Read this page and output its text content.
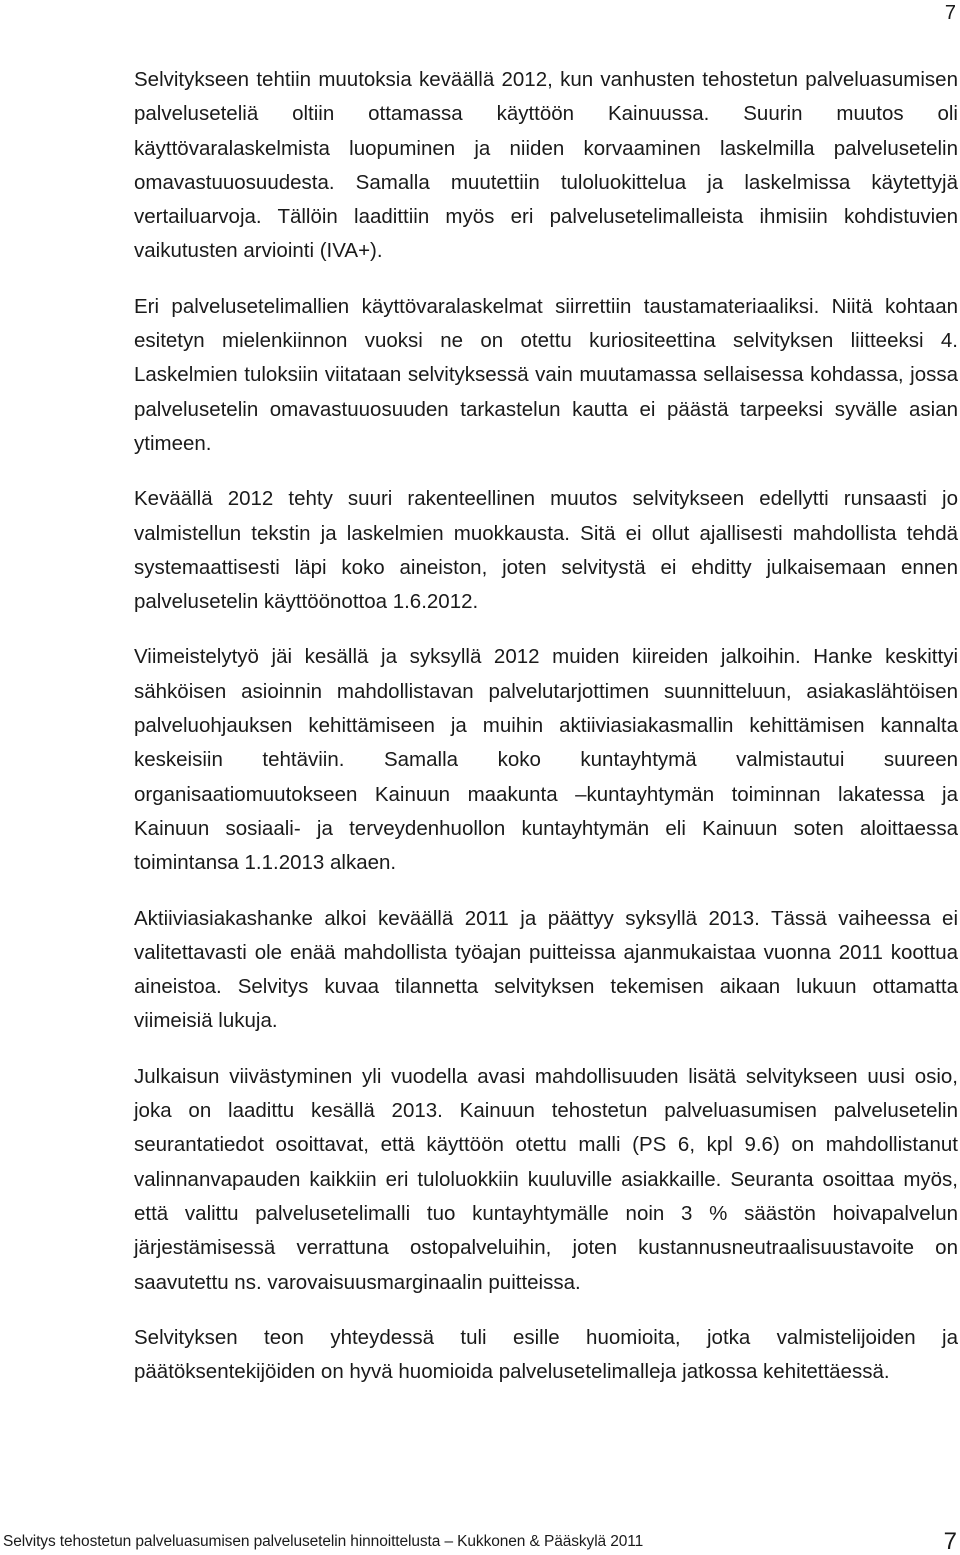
7

Selvitykseen tehtiin muutoksia keväällä 2012, kun vanhusten tehostetun palveluasumisen palveluseteliä oltiin ottamassa käyttöön Kainuussa. Suurin muutos oli käyttövaralaskelmista luopuminen ja niiden korvaaminen laskelmilla palvelusetelin omavastuuosuudesta. Samalla muutettiin tuloluokittelua ja laskelmissa käytettyjä vertailuarvoja. Tällöin laadittiin myös eri palvelusetelimalleista ihmisiin kohdistuvien vaikutusten arviointi (IVA+).

Eri palvelusetelimallien käyttövaralaskelmat siirrettiin taustamateriaaliksi. Niitä kohtaan esitetyn mielenkiinnon vuoksi ne on otettu kuriositeettina selvityksen liitteeksi 4. Laskelmien tuloksiin viitataan selvityksessä vain muutamassa sellaisessa kohdassa, jossa palvelusetelin omavastuuosuuden tarkastelun kautta ei päästä tarpeeksi syvälle asian ytimeen.

Keväällä 2012 tehty suuri rakenteellinen muutos selvitykseen edellytti runsaasti jo valmistellun tekstin ja laskelmien muokkausta. Sitä ei ollut ajallisesti mahdollista tehdä systemaattisesti läpi koko aineiston, joten selvitystä ei ehditty julkaisemaan ennen palvelusetelin käyttöönottoa 1.6.2012.

Viimeistelytyö jäi kesällä ja syksyllä 2012 muiden kiireiden jalkoihin. Hanke keskittyi sähköisen asioinnin mahdollistavan palvelutarjottimen suunnitteluun, asiakaslähtöisen palveluohjauksen kehittämiseen ja muihin aktiiviasiakasmallin kehittämisen kannalta keskeisiin tehtäviin. Samalla koko kuntayhtymä valmistautui suureen organisaatiomuutokseen Kainuun maakunta –kuntayhtymän toiminnan lakatessa ja Kainuun sosiaali- ja terveydenhuollon kuntayhtymän eli Kainuun soten aloittaessa toimintansa 1.1.2013 alkaen.

Aktiiviasiakashanke alkoi keväällä 2011 ja päättyy syksyllä 2013. Tässä vaiheessa ei valitettavasti ole enää mahdollista työajan puitteissa ajanmukaistaa vuonna 2011 koottua aineistoa. Selvitys kuvaa tilannetta selvityksen tekemisen aikaan lukuun ottamatta viimeisiä lukuja.

Julkaisun viivästyminen yli vuodella avasi mahdollisuuden lisätä selvitykseen uusi osio, joka on laadittu kesällä 2013. Kainuun tehostetun palveluasumisen palvelusetelin seurantatiedot osoittavat, että käyttöön otettu malli (PS 6, kpl 9.6) on mahdollistanut valinnanvapauden kaikkiin eri tuloluokkiin kuuluville asiakkaille. Seuranta osoittaa myös, että valittu palvelusetelimalli tuo kuntayhtymälle noin 3 % säästön hoivapalvelun järjestämisessä verrattuna ostopalveluihin, joten kustannusneutraalisuustavoite on saavutettu ns. varovaisuusmarginaalin puitteissa.

Selvityksen teon yhteydessä tuli esille huomioita, jotka valmistelijoiden ja päätöksentekijöiden on hyvä huomioida palvelusetelimalleja jatkossa kehitettäessä.

Selvitys tehostetun palveluasumisen palvelusetelin hinnoittelusta – Kukkonen & Pääskylä 2011	7
